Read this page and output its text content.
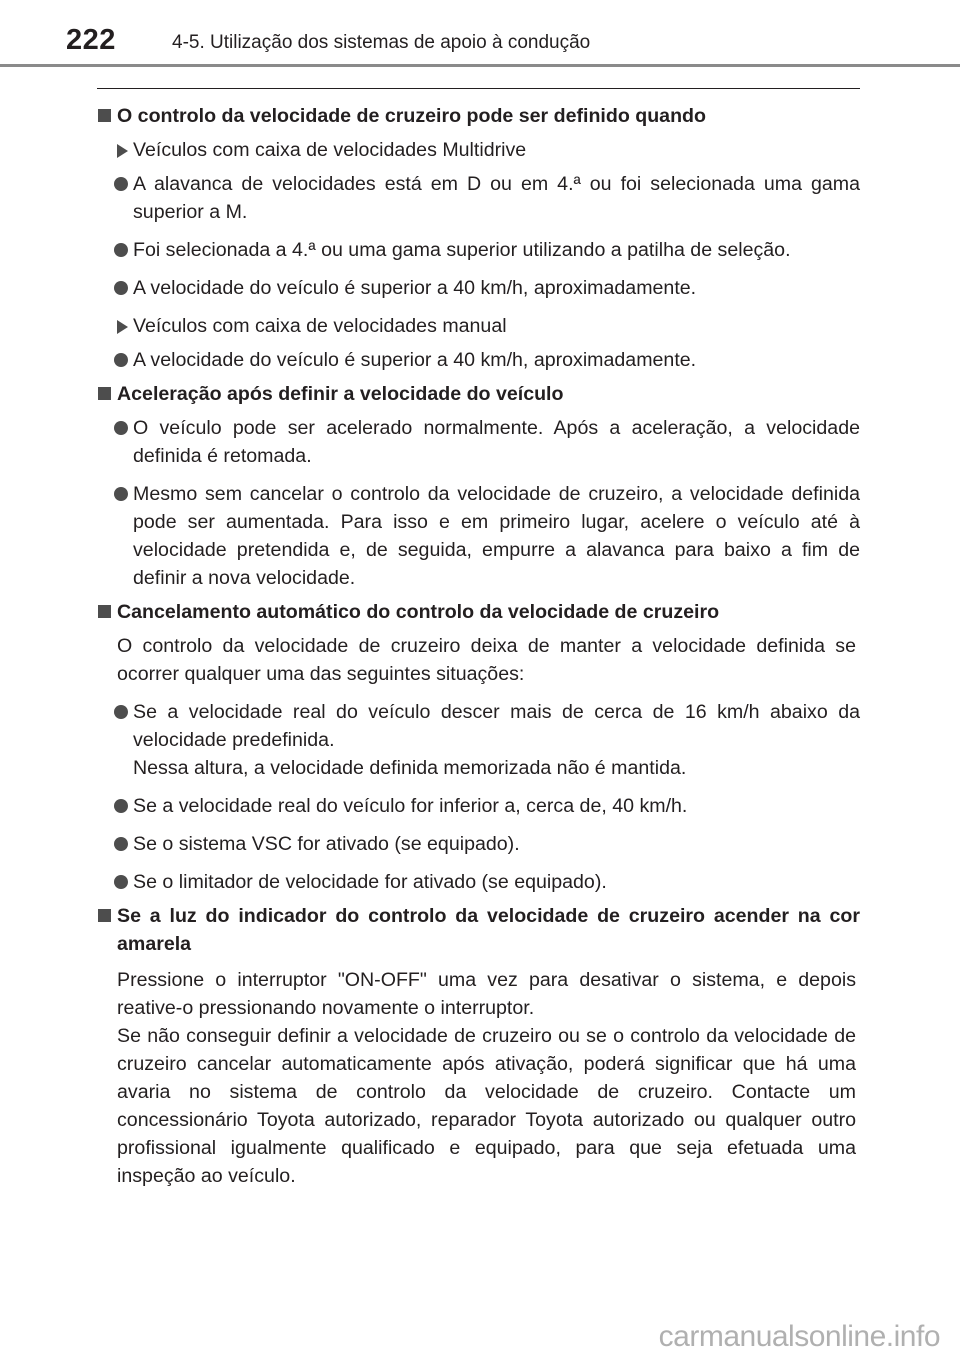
222	4-5. Utilização dos sistemas de apoio à condução
O controlo da velocidade de cruzeiro pode ser definido quando
Veículos com caixa de velocidades Multidrive
A alavanca de velocidades está em D ou em 4.ª ou foi selecionada uma gama superior a M.
Foi selecionada a 4.ª ou uma gama superior utilizando a patilha de seleção.
A velocidade do veículo é superior a 40 km/h, aproximadamente.
Veículos com caixa de velocidades manual
A velocidade do veículo é superior a 40 km/h, aproximadamente.
Aceleração após definir a velocidade do veículo
O veículo pode ser acelerado normalmente. Após a aceleração, a velocidade definida é retomada.
Mesmo sem cancelar o controlo da velocidade de cruzeiro, a velocidade definida pode ser aumentada. Para isso e em primeiro lugar, acelere o veículo até à velocidade pretendida e, de seguida, empurre a alavanca para baixo a fim de definir a nova velocidade.
Cancelamento automático do controlo da velocidade de cruzeiro
O controlo da velocidade de cruzeiro deixa de manter a velocidade definida se ocorrer qualquer uma das seguintes situações:
Se a velocidade real do veículo descer mais de cerca de 16 km/h abaixo da velocidade predefinida.
Nessa altura, a velocidade definida memorizada não é mantida.
Se a velocidade real do veículo for inferior a, cerca de, 40 km/h.
Se o sistema VSC for ativado (se equipado).
Se o limitador de velocidade for ativado (se equipado).
Se a luz do indicador do controlo da velocidade de cruzeiro acender na cor amarela
Pressione o interruptor "ON-OFF" uma vez para desativar o sistema, e depois reative-o pressionando novamente o interruptor.
Se não conseguir definir a velocidade de cruzeiro ou se o controlo da velocidade de cruzeiro cancelar automaticamente após ativação, poderá significar que há uma avaria no sistema de controlo da velocidade de cruzeiro. Contacte um concessionário Toyota autorizado, reparador Toyota autorizado ou qualquer outro profissional igualmente qualificado e equipado, para que seja efetuada uma inspeção ao veículo.
carmanualsonline.info
